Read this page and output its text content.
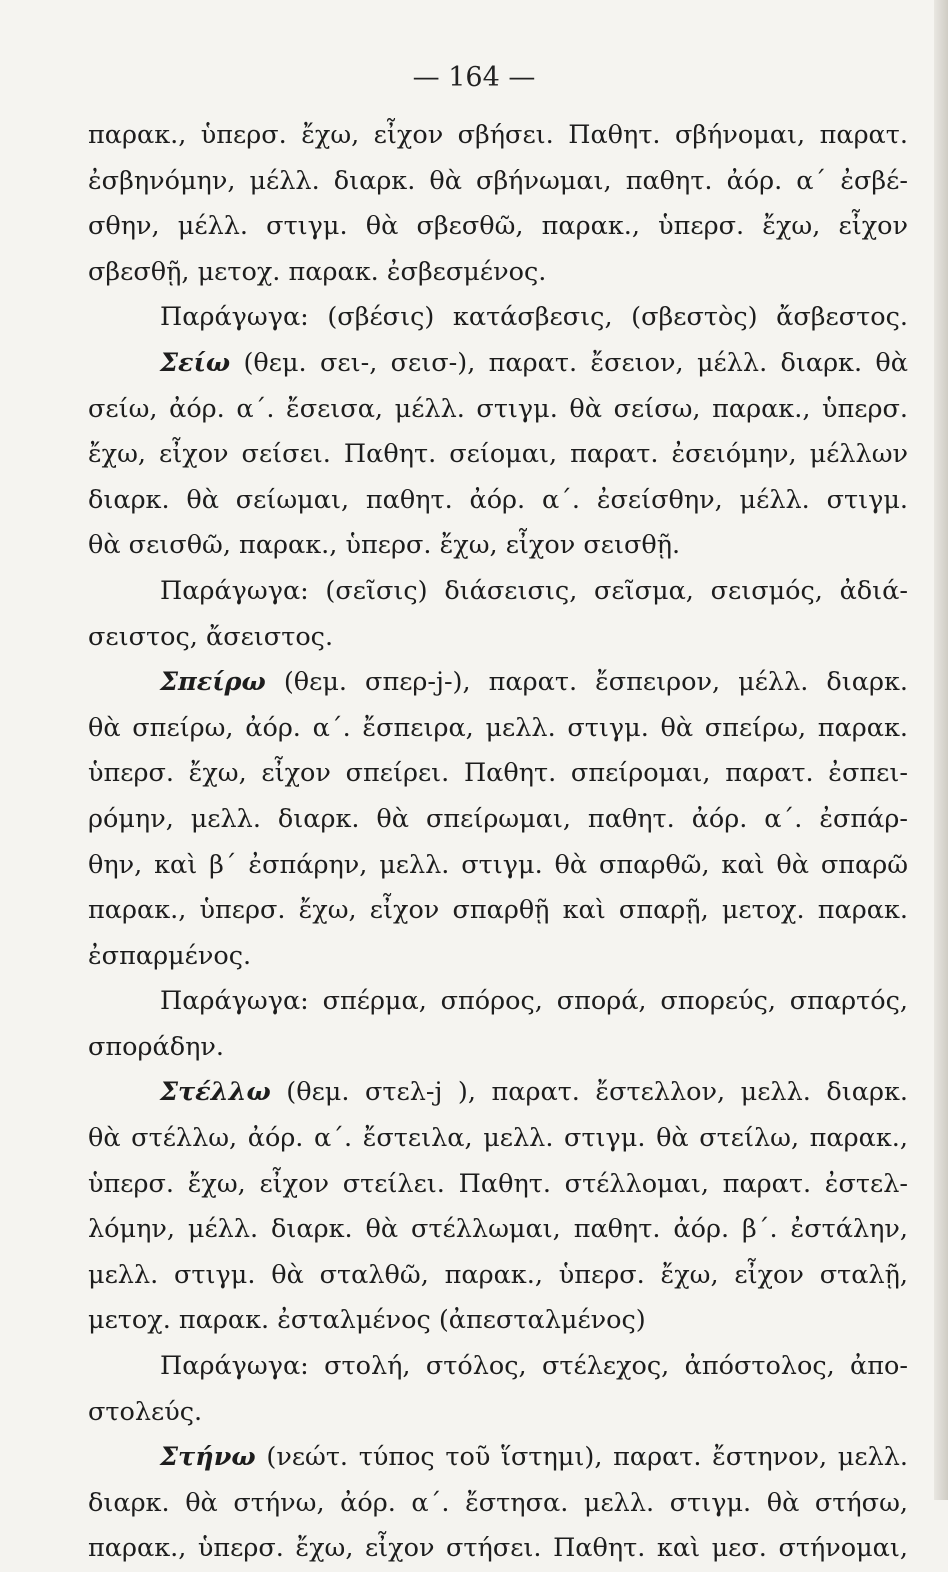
— 164 —

παρακ., ὑπερσ. ἔχω, εἶχον σβήσει. Παθητ. σβήνομαι, παρατ.
ἐσβηνόμην, μέλλ. διαρκ. θὰ σβήνωμαι, παθητ. ἀόρ. α΄ ἐσβέ-
σθην, μέλλ. στιγμ. θὰ σβεσθῶ, παρακ., ὑπερσ. ἔχω, εἶχον
σβεσθῇ, μετοχ. παρακ. ἐσβεσμένος.
Παράγωγα: (σβέσις) κατάσβεσις, (σβεστὸς) ἄσβεστος.
Σείω (θεμ. σει-, σεισ-), παρατ. ἔσειον, μέλλ. διαρκ. θὰ
σείω, ἀόρ. α΄. ἔσεισα, μέλλ. στιγμ. θὰ σείσω, παρακ., ὑπερσ.
ἔχω, εἶχον σείσει. Παθητ. σείομαι, παρατ. ἐσειόμην, μέλλων
διαρκ. θὰ σείωμαι, παθητ. ἀόρ. α΄. ἐσείσθην, μέλλ. στιγμ.
θὰ σεισθῶ, παρακ., ὑπερσ. ἔχω, εἶχον σεισθῇ.
Παράγωγα: (σεῖσις) διάσεισις, σεῖσμα, σεισμός, ἀδιά-
σειστος, ἄσειστος.
Σπείρω (θεμ. σπερ-j-), παρατ. ἔσπειρον, μέλλ. διαρκ.
θὰ σπείρω, ἀόρ. α΄. ἔσπειρα, μελλ. στιγμ. θὰ σπείρω, παρακ.
ὑπερσ. ἔχω, εἶχον σπείρει. Παθητ. σπείρομαι, παρατ. ἐσπει-
ρόμην, μελλ. διαρκ. θὰ σπείρωμαι, παθητ. ἀόρ. α΄. ἐσπάρ-
θην, καὶ β΄ ἐσπάρην, μελλ. στιγμ. θὰ σπαρθῶ, καὶ θὰ σπαρῶ
παρακ., ὑπερσ. ἔχω, εἶχον σπαρθῇ καὶ σπαρῇ, μετοχ. παρακ.
ἐσπαρμένος.
Παράγωγα: σπέρμα, σπόρος, σπορά, σπορεύς, σπαρτός,
σποράδην.
Στέλλω (θεμ. στελ-j ), παρατ. ἔστελλον, μελλ. διαρκ.
θὰ στέλλω, ἀόρ. α΄. ἔστειλα, μελλ. στιγμ. θὰ στείλω, παρακ.,
ὑπερσ. ἔχω, εἶχον στείλει. Παθητ. στέλλομαι, παρατ. ἐστελ-
λόμην, μέλλ. διαρκ. θὰ στέλλωμαι, παθητ. ἀόρ. β΄. ἐστάλην,
μελλ. στιγμ. θὰ σταλθῶ, παρακ., ὑπερσ. ἔχω, εἶχον σταλῇ,
μετοχ. παρακ. ἐσταλμένος (ἀπεσταλμένος)
Παράγωγα: στολή, στόλος, στέλεχος, ἀπόστολος, ἀπο-
στολεύς.
Στήνω (νεώτ. τύπος τοῦ ἵστημι), παρατ. ἔστηνον, μελλ.
διαρκ. θὰ στήνω, ἀόρ. α΄. ἔστησα. μελλ. στιγμ. θὰ στήσω,
παρακ., ὑπερσ. ἔχω, εἶχον στήσει. Παθητ. καὶ μεσ. στήνομαι,
